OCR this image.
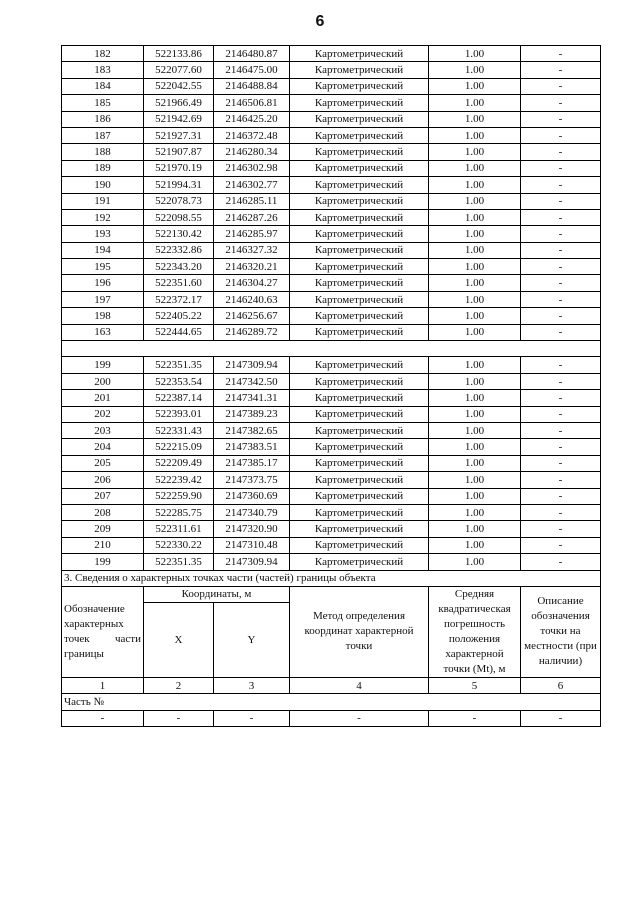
6
182	522133.86	2146480.87	Картометрический	1.00	-
183	522077.60	2146475.00	Картометрический	1.00	-
184	522042.55	2146488.84	Картометрический	1.00	-
185	521966.49	2146506.81	Картометрический	1.00	-
186	521942.69	2146425.20	Картометрический	1.00	-
187	521927.31	2146372.48	Картометрический	1.00	-
188	521907.87	2146280.34	Картометрический	1.00	-
189	521970.19	2146302.98	Картометрический	1.00	-
190	521994.31	2146302.77	Картометрический	1.00	-
191	522078.73	2146285.11	Картометрический	1.00	-
192	522098.55	2146287.26	Картометрический	1.00	-
193	522130.42	2146285.97	Картометрический	1.00	-
194	522332.86	2146327.32	Картометрический	1.00	-
195	522343.20	2146320.21	Картометрический	1.00	-
196	522351.60	2146304.27	Картометрический	1.00	-
197	522372.17	2146240.63	Картометрический	1.00	-
198	522405.22	2146256.67	Картометрический	1.00	-
163	522444.65	2146289.72	Картометрический	1.00	-

199	522351.35	2147309.94	Картометрический	1.00	-
200	522353.54	2147342.50	Картометрический	1.00	-
201	522387.14	2147341.31	Картометрический	1.00	-
202	522393.01	2147389.23	Картометрический	1.00	-
203	522331.43	2147382.65	Картометрический	1.00	-
204	522215.09	2147383.51	Картометрический	1.00	-
205	522209.49	2147385.17	Картометрический	1.00	-
206	522239.42	2147373.75	Картометрический	1.00	-
207	522259.90	2147360.69	Картометрический	1.00	-
208	522285.75	2147340.79	Картометрический	1.00	-
209	522311.61	2147320.90	Картометрический	1.00	-
210	522330.22	2147310.48	Картометрический	1.00	-
199	522351.35	2147309.94	Картометрический	1.00	-
3. Сведения о характерных точках части (частей) границы объекта					
Обозначение характерных точек части границы	Координаты, м		Метод определения координат характерной точки	Средняя квадратическая погрешность положения характерной точки (Mt), м	Описание обозначения точки на местности (при наличии)
	X	Y			
1	2	3	4	5	6
Часть №					
-	-	-	-	-	-
